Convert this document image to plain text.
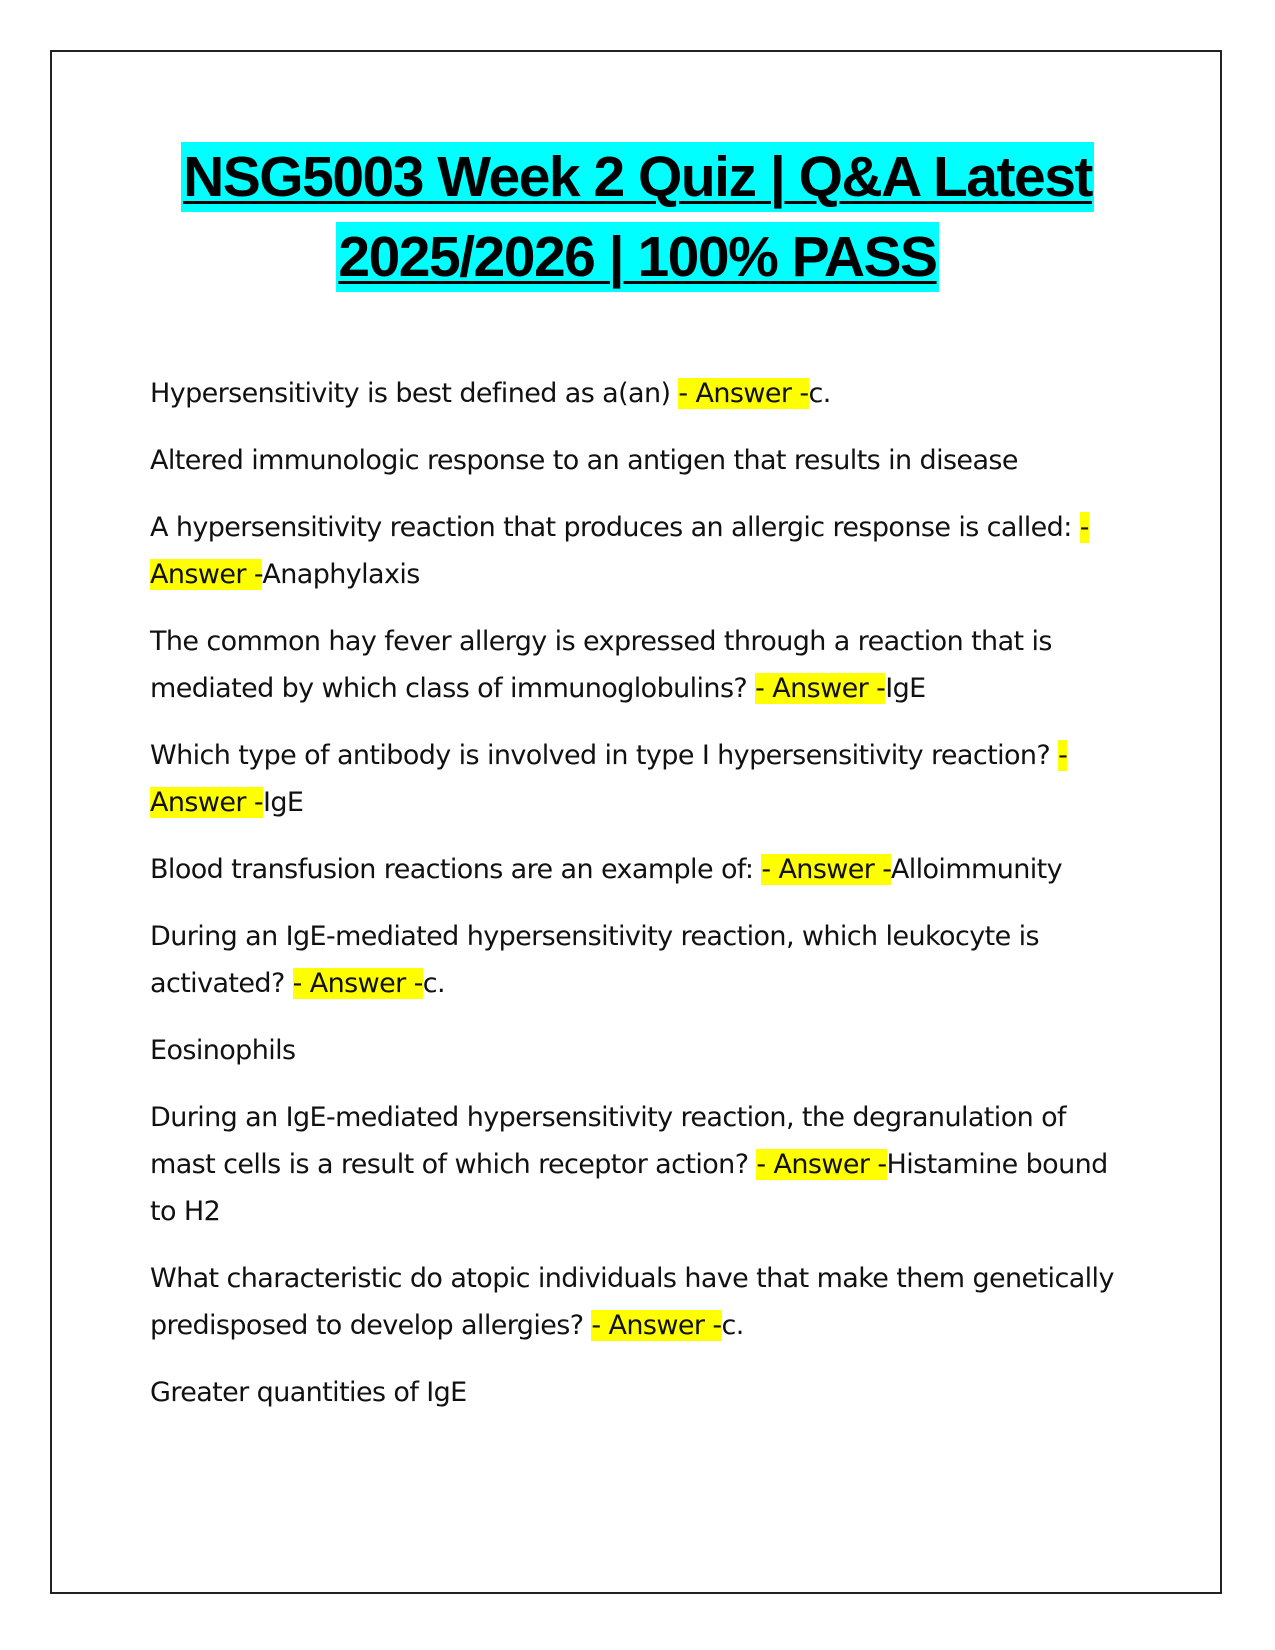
NSG5003 Week 2 Quiz | Q&A Latest
2025/2026 | 100% PASS

Hypersensitivity is best defined as a(an) - Answer -c.

Altered immunologic response to an antigen that results in disease

A hypersensitivity reaction that produces an allergic response is called: - Answer -Anaphylaxis

The common hay fever allergy is expressed through a reaction that is mediated by which class of immunoglobulins? - Answer -IgE

Which type of antibody is involved in type I hypersensitivity reaction? - Answer -IgE

Blood transfusion reactions are an example of: - Answer -Alloimmunity

During an IgE-mediated hypersensitivity reaction, which leukocyte is activated? - Answer -c.

Eosinophils

During an IgE-mediated hypersensitivity reaction, the degranulation of mast cells is a result of which receptor action? - Answer -Histamine bound to H2

What characteristic do atopic individuals have that make them genetically predisposed to develop allergies? - Answer -c.

Greater quantities of IgE
